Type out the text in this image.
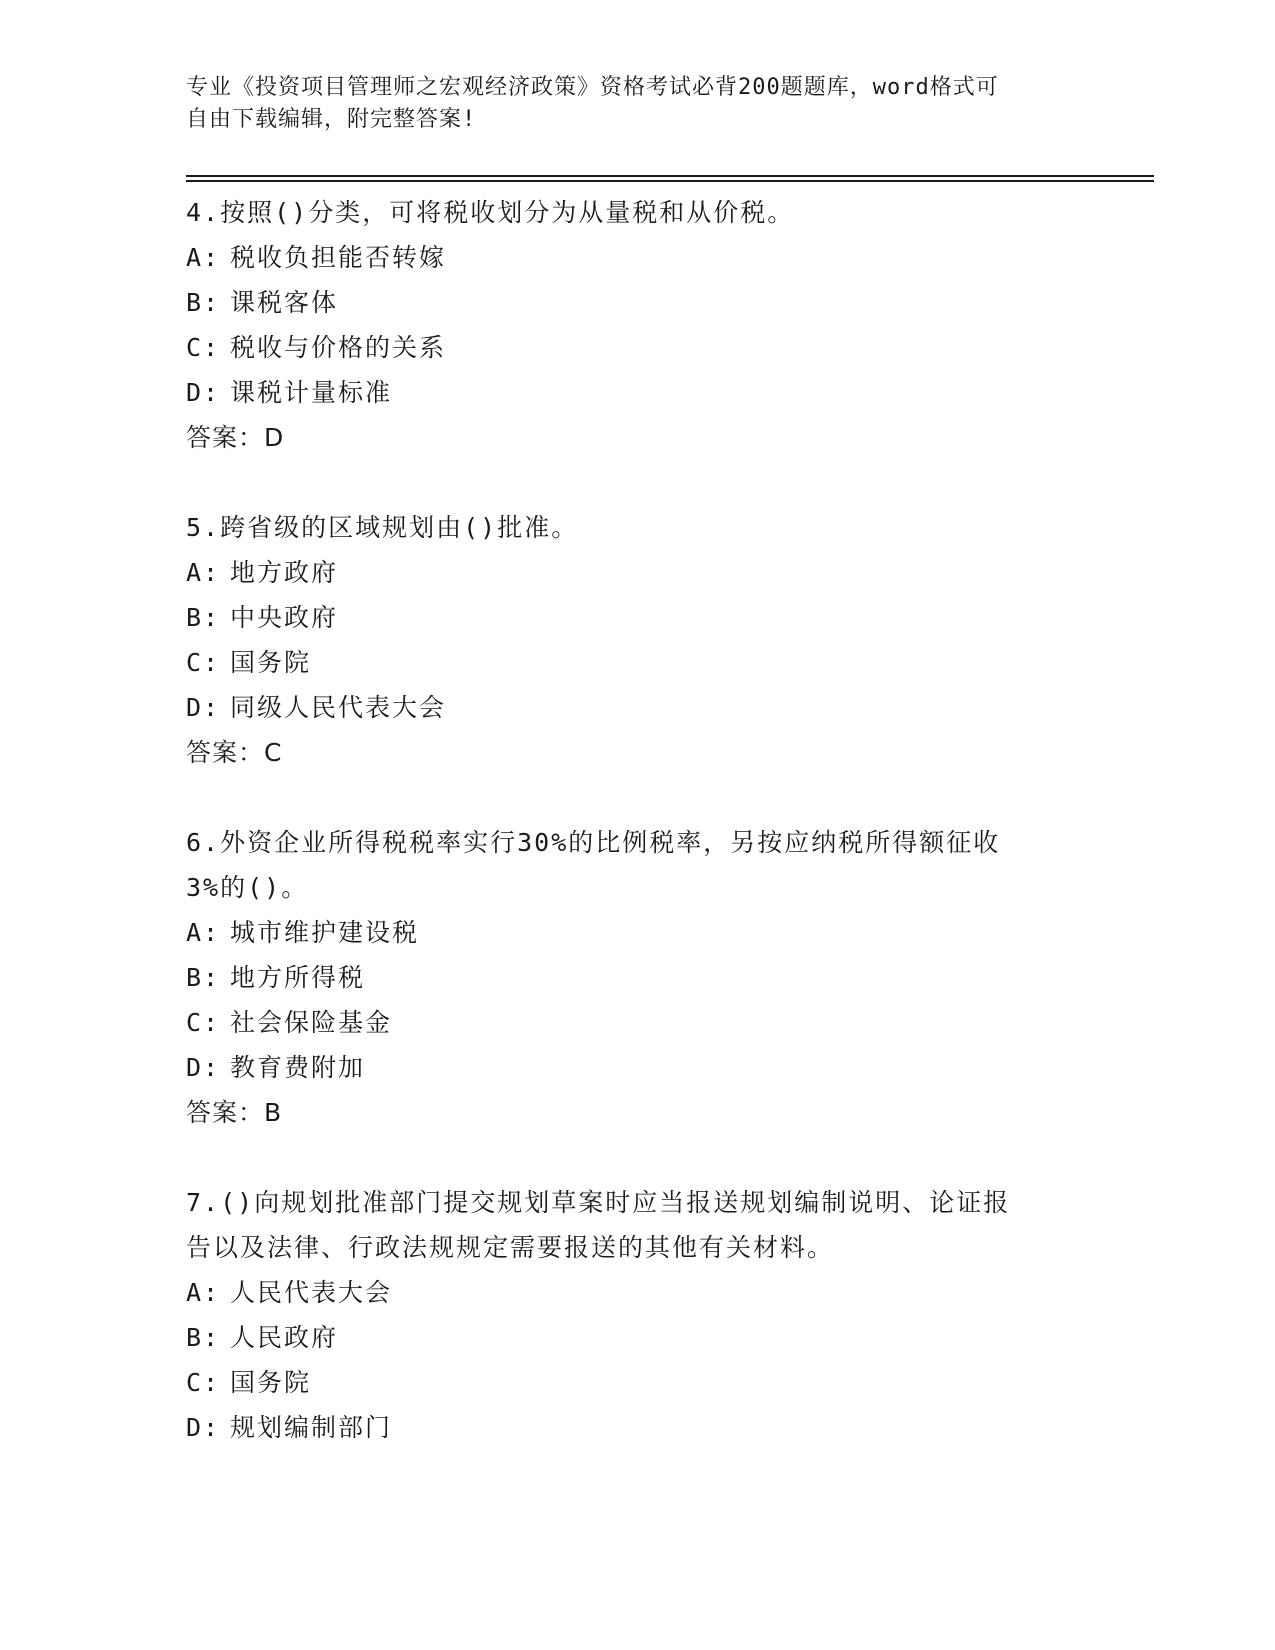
专业《投资项目管理师之宏观经济政策》资格考试必背200题题库，word格式可
自由下载编辑，附完整答案!
4.按照()分类，可将税收划分为从量税和从价税。
A: 税收负担能否转嫁
B: 课税客体
C: 税收与价格的关系
D: 课税计量标准
答案：D
5.跨省级的区域规划由()批准。
A: 地方政府
B: 中央政府
C: 国务院
D: 同级人民代表大会
答案：C
6.外资企业所得税税率实行30%的比例税率，另按应纳税所得额征收
3%的()。
A: 城市维护建设税
B: 地方所得税
C: 社会保险基金
D: 教育费附加
答案：B
7.()向规划批准部门提交规划草案时应当报送规划编制说明、论证报
告以及法律、行政法规规定需要报送的其他有关材料。
A: 人民代表大会
B: 人民政府
C: 国务院
D: 规划编制部门
